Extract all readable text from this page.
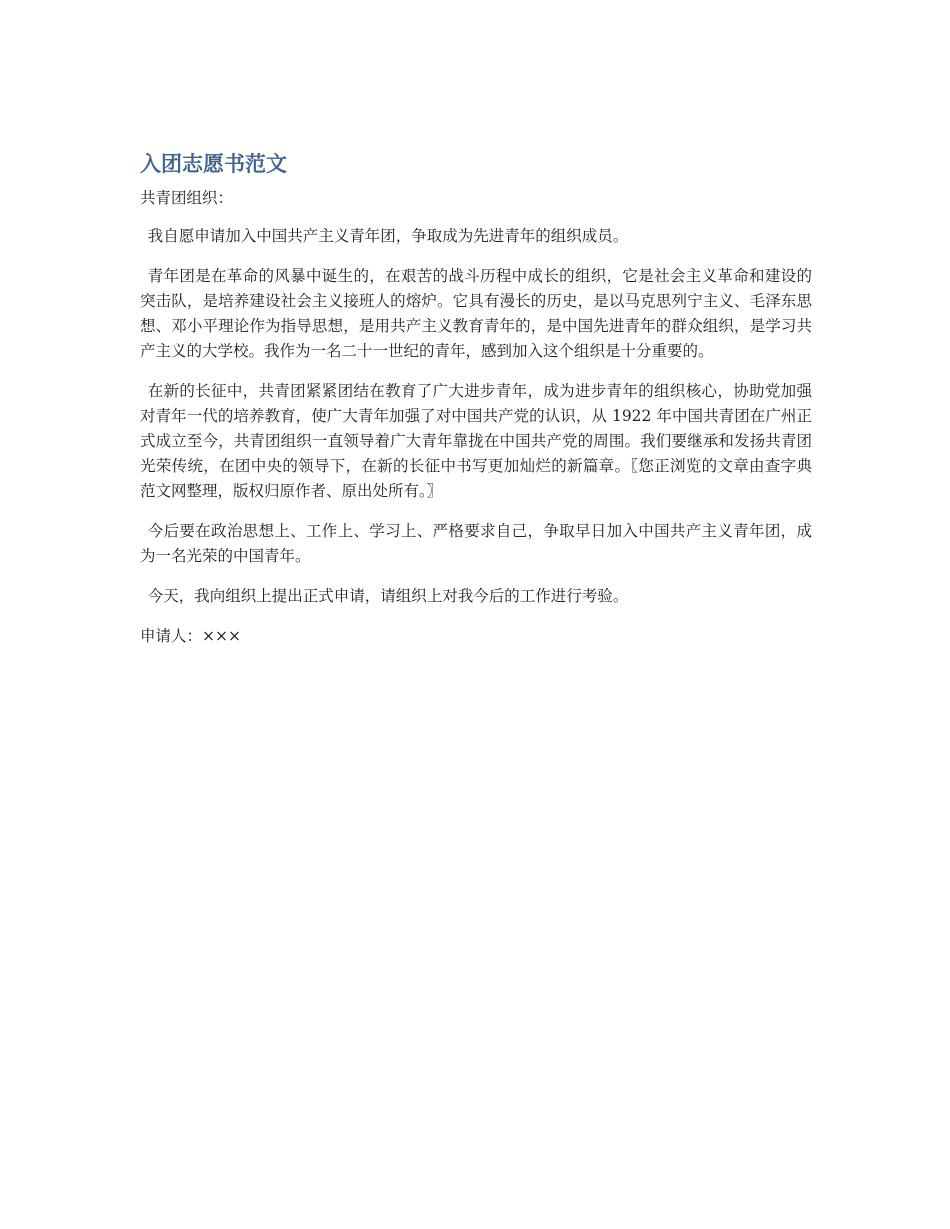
入团志愿书范文

共青团组织：

我自愿申请加入中国共产主义青年团，争取成为先进青年的组织成员。

青年团是在革命的风暴中诞生的，在艰苦的战斗历程中成长的组织，它是社会主义革命和建设的突击队，是培养建设社会主义接班人的熔炉。它具有漫长的历史，是以马克思列宁主义、毛泽东思想、邓小平理论作为指导思想，是用共产主义教育青年的，是中国先进青年的群众组织，是学习共产主义的大学校。我作为一名二十一世纪的青年，感到加入这个组织是十分重要的。

在新的长征中，共青团紧紧团结在教育了广大进步青年，成为进步青年的组织核心，协助党加强对青年一代的培养教育，使广大青年加强了对中国共产党的认识，从 1922 年中国共青团在广州正式成立至今，共青团组织一直领导着广大青年靠拢在中国共产党的周围。我们要继承和发扬共青团光荣传统，在团中央的领导下，在新的长征中书写更加灿烂的新篇章。〖您正浏览的文章由查字典范文网整理，版权归原作者、原出处所有。〗

今后要在政治思想上、工作上、学习上、严格要求自己，争取早日加入中国共产主义青年团，成为一名光荣的中国青年。

今天，我向组织上提出正式申请，请组织上对我今后的工作进行考验。

申请人：×××
